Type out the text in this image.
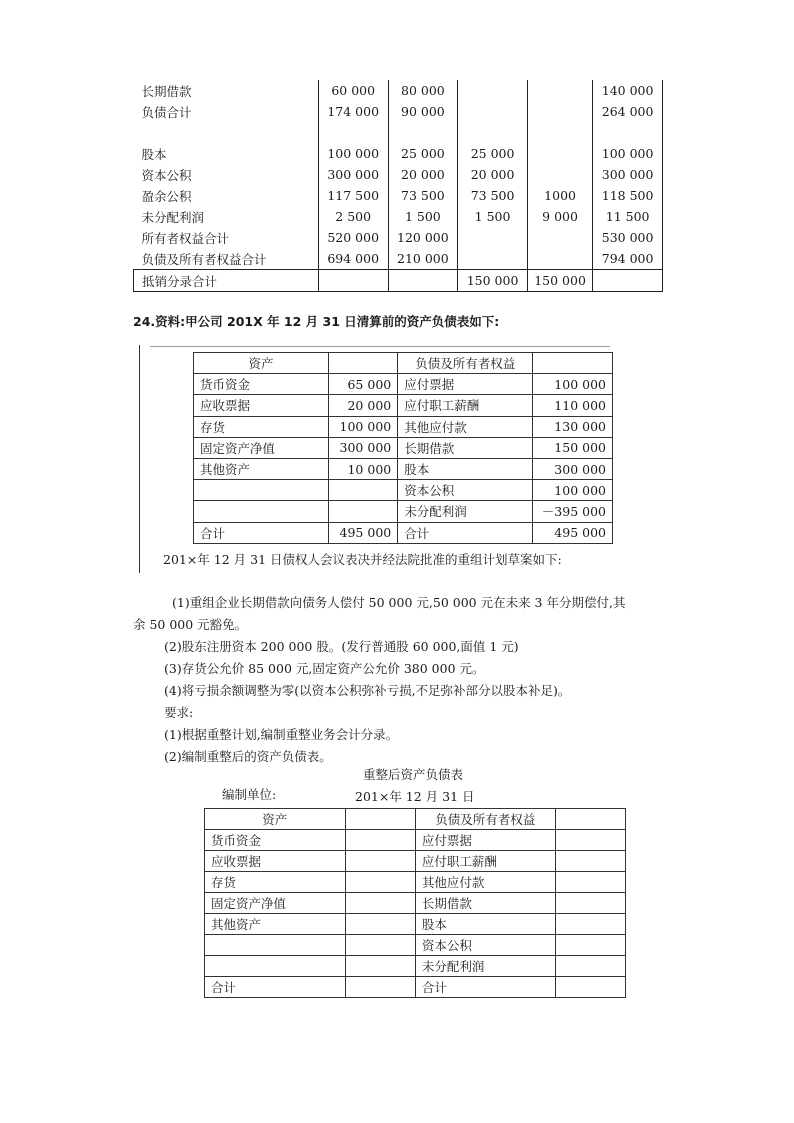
长期借款	60 000	80 000			140 000
负债合计	174 000	90 000			264 000

股本	100 000	25 000	25 000		100 000
资本公积	300 000	20 000	20 000		300 000
盈余公积	117 500	73 500	73 500	1000	118 500
未分配利润	2 500	1 500	1 500	9 000	11 500
所有者权益合计	520 000	120 000			530 000
负债及所有者权益合计	694 000	210 000			794 000
抵销分录合计			150 000	150 000	
24.资料:甲公司 201X 年 12 月 31 日清算前的资产负债表如下:
资产		负债及所有者权益	
货币资金	65 000	应付票据	100 000
应收票据	20 000	应付职工薪酬	110 000
存货	100 000	其他应付款	130 000
固定资产净值	300 000	长期借款	150 000
其他资产	10 000	股本	300 000
		资本公积	100 000
		未分配利润	－395 000
合计	495 000	合计	495 000
201×年 12 月 31 日债权人会议表决并经法院批准的重组计划草案如下:
(1)重组企业长期借款向债务人偿付 50 000 元,50 000 元在未来 3 年分期偿付,其
余 50 000 元豁免。
(2)股东注册资本 200 000 股。(发行普通股 60 000,面值 1 元)
(3)存货公允价 85 000 元,固定资产公允价 380 000 元。
(4)将亏损余额调整为零(以资本公积弥补亏损,不足弥补部分以股本补足)。
要求:
(1)根据重整计划,编制重整业务会计分录。
(2)编制重整后的资产负债表。
重整后资产负债表
编制单位:	201×年 12 月 31 日
资产		负债及所有者权益	
货币资金		应付票据	
应收票据		应付职工薪酬	
存货		其他应付款	
固定资产净值		长期借款	
其他资产		股本	
		资本公积	
		未分配利润	
合计		合计	
